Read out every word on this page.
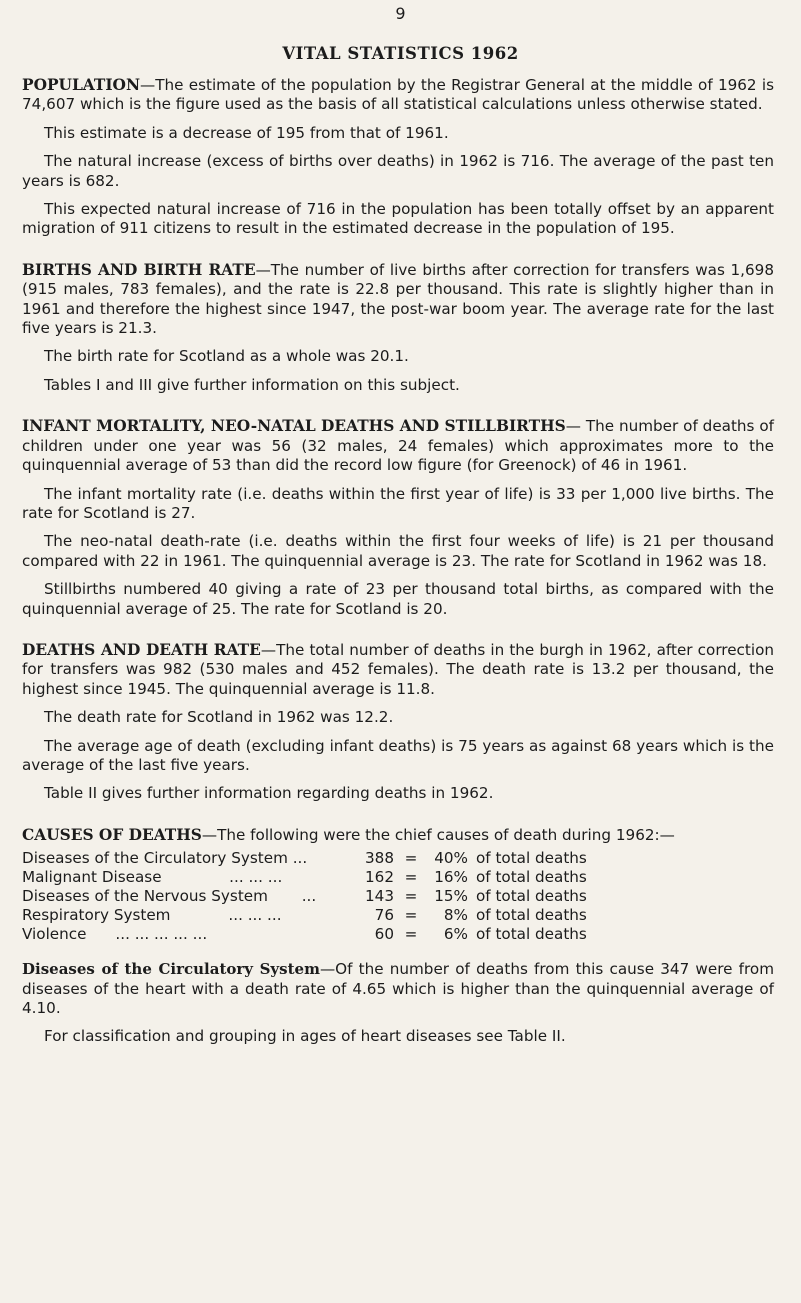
9
VITAL STATISTICS 1962

POPULATION—The estimate of the population by the Registrar General at the middle of 1962 is 74,607 which is the figure used as the basis of all statistical calculations unless otherwise stated.

This estimate is a decrease of 195 from that of 1961.

The natural increase (excess of births over deaths) in 1962 is 716. The average of the past ten years is 682.

This expected natural increase of 716 in the population has been totally offset by an apparent migration of 911 citizens to result in the estimated decrease in the population of 195.

BIRTHS AND BIRTH RATE—The number of live births after correction for transfers was 1,698 (915 males, 783 females), and the rate is 22.8 per thousand. This rate is slightly higher than in 1961 and therefore the highest since 1947, the post-war boom year. The average rate for the last five years is 21.3.

The birth rate for Scotland as a whole was 20.1.

Tables I and III give further information on this subject.

INFANT MORTALITY, NEO-NATAL DEATHS AND STILLBIRTHS— The number of deaths of children under one year was 56 (32 males, 24 females) which approximates more to the quinquennial average of 53 than did the record low figure (for Greenock) of 46 in 1961.

The infant mortality rate (i.e. deaths within the first year of life) is 33 per 1,000 live births. The rate for Scotland is 27.

The neo-natal death-rate (i.e. deaths within the first four weeks of life) is 21 per thousand compared with 22 in 1961. The quinquennial average is 23. The rate for Scotland in 1962 was 18.

Stillbirths numbered 40 giving a rate of 23 per thousand total births, as compared with the quinquennial average of 25. The rate for Scotland is 20.

DEATHS AND DEATH RATE—The total number of deaths in the burgh in 1962, after correction for transfers was 982 (530 males and 452 females). The death rate is 13.2 per thousand, the highest since 1945. The quinquennial average is 11.8.

The death rate for Scotland in 1962 was 12.2.

The average age of death (excluding infant deaths) is 75 years as against 68 years which is the average of the last five years.

Table II gives further information regarding deaths in 1962.

CAUSES OF DEATHS—The following were the chief causes of death during 1962:—

Diseases of the Circulatory System ...	388	=	40%	of total deaths
Malignant Disease ... ... ...	162	=	16%	of total deaths
Diseases of the Nervous System ...	143	=	15%	of total deaths
Respiratory System ... ... ...	76	=	8%	of total deaths
Violence ... ... ... ... ...	60	=	6%	of total deaths

Diseases of the Circulatory System—Of the number of deaths from this cause 347 were from diseases of the heart with a death rate of 4.65 which is higher than the quinquennial average of 4.10.

For classification and grouping in ages of heart diseases see Table II.
